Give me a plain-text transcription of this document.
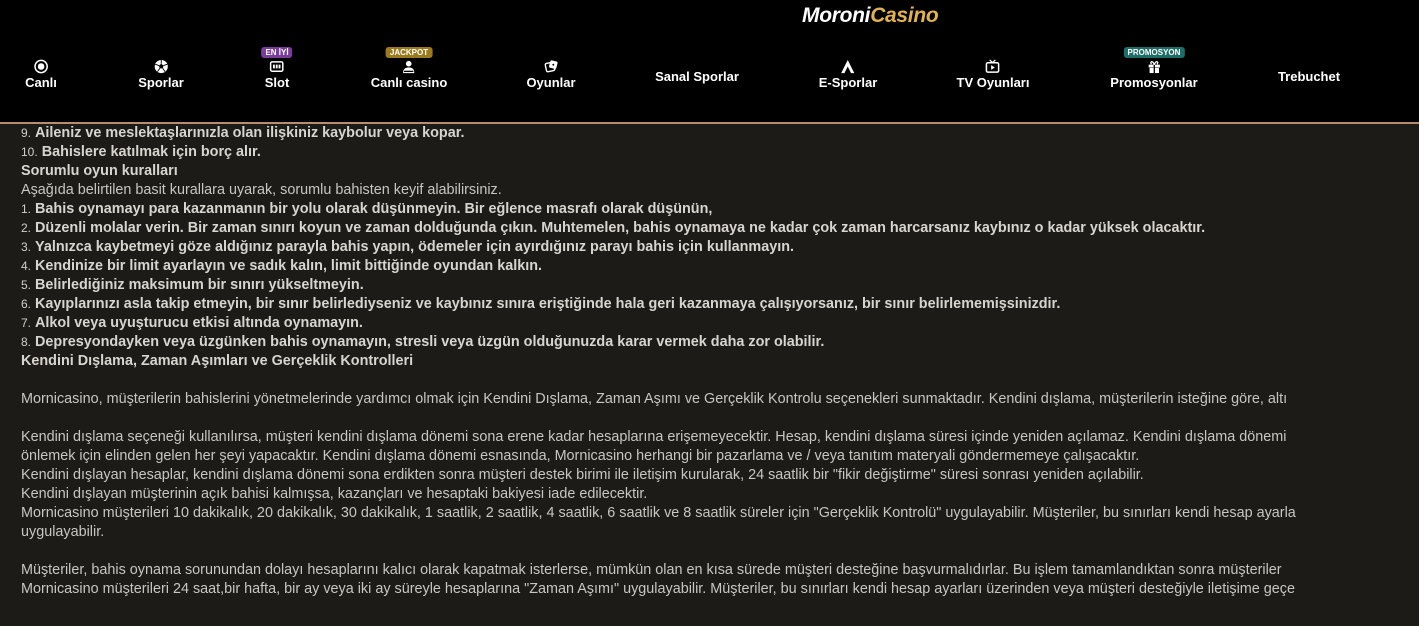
MoroniCasino
Canlı	Sporlar
EN İYİ
Slot
JACKPOT
Canlı casino	Oyunlar	Sanal Sporlar	E-Sporlar	TV Oyunları
PROMOSYON
Promosyonlar	Trebuchet
9. Aileniz ve meslektaşlarınızla olan ilişkiniz kaybolur veya kopar.
10. Bahislere katılmak için borç alır.
Sorumlu oyun kuralları
Aşağıda belirtilen basit kurallara uyarak, sorumlu bahisten keyif alabilirsiniz.
1. Bahis oynamayı para kazanmanın bir yolu olarak düşünmeyin. Bir eğlence masrafı olarak düşünün,
2. Düzenli molalar verin. Bir zaman sınırı koyun ve zaman dolduğunda çıkın. Muhtemelen, bahis oynamaya ne kadar çok zaman harcarsanız kaybınız o kadar yüksek olacaktır.
3. Yalnızca kaybetmeyi göze aldığınız parayla bahis yapın, ödemeler için ayırdığınız parayı bahis için kullanmayın.
4. Kendinize bir limit ayarlayın ve sadık kalın, limit bittiğinde oyundan kalkın.
5. Belirlediğiniz maksimum bir sınırı yükseltmeyin.
6. Kayıplarınızı asla takip etmeyin, bir sınır belirlediyseniz ve kaybınız sınıra eriştiğinde hala geri kazanmaya çalışıyorsanız, bir sınır belirlememişsinizdir.
7. Alkol veya uyuşturucu etkisi altında oynamayın.
8. Depresyondayken veya üzgünken bahis oynamayın, stresli veya üzgün olduğunuzda karar vermek daha zor olabilir.
Kendini Dışlama, Zaman Aşımları ve Gerçeklik Kontrolleri
Mornicasino, müşterilerin bahislerini yönetmelerinde yardımcı olmak için Kendini Dışlama, Zaman Aşımı ve Gerçeklik Kontrolu seçenekleri sunmaktadır. Kendini dışlama, müşterilerin isteğine göre, altı
Kendini dışlama seçeneği kullanılırsa, müşteri kendini dışlama dönemi sona erene kadar hesaplarına erişemeyecektir. Hesap, kendini dışlama süresi içinde yeniden açılamaz. Kendini dışlama dönemi
önlemek için elinden gelen her şeyi yapacaktır. Kendini dışlama dönemi esnasında, Mornicasino herhangi bir pazarlama ve / veya tanıtım materyali göndermemeye çalışacaktır.
Kendini dışlayan hesaplar, kendini dışlama dönemi sona erdikten sonra müşteri destek birimi ile iletişim kurularak, 24 saatlik bir "fikir değiştirme" süresi sonrası yeniden açılabilir.
Kendini dışlayan müşterinin açık bahisi kalmışsa, kazançları ve hesaptaki bakiyesi iade edilecektir.
Mornicasino müşterileri 10 dakikalık, 20 dakikalık, 30 dakikalık, 1 saatlik, 2 saatlik, 4 saatlik, 6 saatlik ve 8 saatlik süreler için "Gerçeklik Kontrolü" uygulayabilir. Müşteriler, bu sınırları kendi hesap ayarla
uygulayabilir.
Müşteriler, bahis oynama sorunundan dolayı hesaplarını kalıcı olarak kapatmak isterlerse, mümkün olan en kısa sürede müşteri desteğine başvurmalıdırlar. Bu işlem tamamlandıktan sonra müşteriler
Mornicasino müşterileri 24 saat,bir hafta, bir ay veya iki ay süreyle hesaplarına "Zaman Aşımı" uygulayabilir. Müşteriler, bu sınırları kendi hesap ayarları üzerinden veya müşteri desteğiyle iletişime geçe
